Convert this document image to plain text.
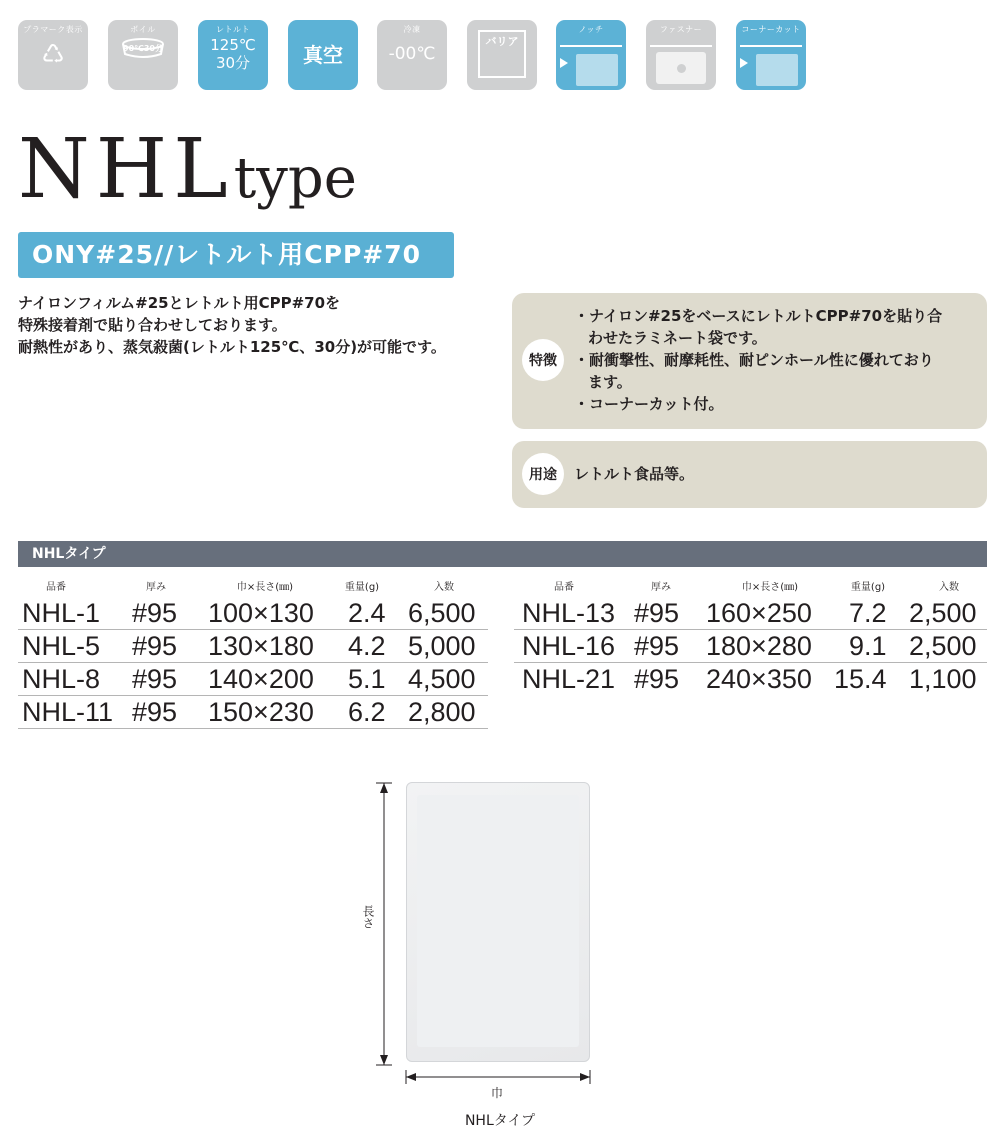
プラマーク表示
♺
ボイル
90℃30分
レトルト
125℃
30分	真空
冷凍
-00℃
バリア
ノッチ	ファスナー	コーナーカット
NHLtype
ONY#25//レトルト用CPP#70
ナイロンフィルム#25とレトルト用CPP#70を
特殊接着剤で貼り合わせしております。
耐熱性があり、蒸気殺菌(レトルト125℃、30分)が可能です。
特徴
・ナイロン#25をベースにレトルトCPP#70を貼り合
わせたラミネート袋です。
・耐衝撃性、耐摩耗性、耐ピンホール性に優れており
ます。
・コーナーカット付。
用途	レトルト食品等。
NHLタイプ
品番	厚み	巾×長さ(㎜)	重量(g)	入数	品番	厚み	巾×長さ(㎜)	重量(g)	入数
NHL-1 #95 100×130 2.4 6,500
NHL-5 #95 130×180 4.2 5,000
NHL-8 #95 140×200 5.1 4,500
NHL-11 #95 150×230 6.2 2,800
NHL-13 #95 160×250 7.2 2,500
NHL-16 #95 180×280 9.1 2,500
NHL-21 #95 240×350 15.4 1,100
長さ
巾
NHLタイプ
